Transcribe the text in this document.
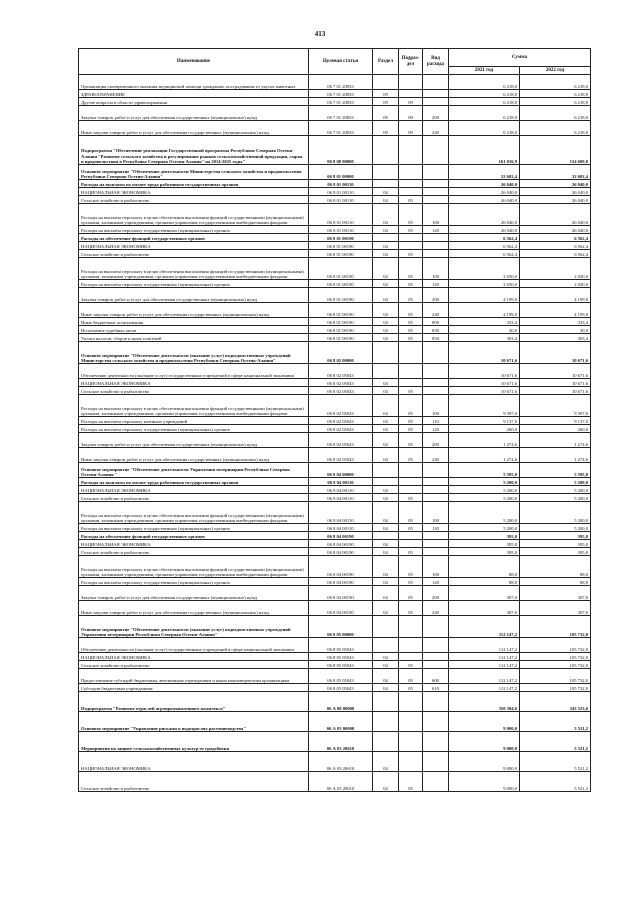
413
Наименование	Целевая статья	Раздел	Подраз-дел	Вид расхода	Сумма	
					2021 год	2022 год
Организация своевременного оказания медицинской помощи гражданам, пострадавшим от укусов животных	06 7 01 20833				6 218,0	6 218,0
ЗДРАВООХРАНЕНИЕ	06 7 01 20833	09			6 218,0	6 218,0
Другие вопросы в области здравоохранения	06 7 01 20833	09	09		6 218,0	6 218,0
Закупка товаров, работ и услуг для обеспечения государственных (муниципальных) нужд	06 7 01 20833	09	09	200	6 218,0	6 218,0
Иные закупки товаров, работ и услуг для обеспечения государственных (муниципальных) нужд	06 7 01 20833	09	09	240	6 218,0	6 218,0
Подпрограмма "Обеспечение реализации Государственной программы Республики Северная Осетия-Алания "Развитие сельского хозяйства и регулирование рынков сельскохозяйственной продукции, сырья и продовольствия в Республике Северная Осетия-Алания" на 2014-2025 годы"	06 8 00 00000				161 016,9	154 600,8
Основное мероприятие "Обеспечение деятельности Министерства сельского хозяйства и продовольствия Республики Северная Осетия-Алания"	06 8 01 00000				32 602,4	32 602,4
Расходы на выплаты по оплате труда работников государственных органов	06 8 01 00110				26 040,0	26 040,0
НАЦИОНАЛЬНАЯ ЭКОНОМИКА	06 8 01 00110	04			26 040,0	26 040,0
Сельское хозяйство и рыболовство	06 8 01 00110	04	05		26 040,0	26 040,0
Расходы на выплаты персоналу в целях обеспечения выполнения функций государственными (муниципальными) органами, казенными учреждениями, органами управления государственными внебюджетными фондами	06 8 01 00110	04	05	100	26 040,0	26 040,0
Расходы на выплаты персоналу государственных (муниципальных) органов	06 8 01 00110	04	05	120	26 040,0	26 040,0
Расходы на обеспечение функций государственных органов	06 8 01 00190				6 562,4	6 562,4
НАЦИОНАЛЬНАЯ ЭКОНОМИКА	06 8 01 00190	04			6 562,4	6 562,4
Сельское хозяйство и рыболовство	06 8 01 00190	04	05		6 562,4	6 562,4
Расходы на выплаты персоналу в целях обеспечения выполнения функций государственными (муниципальными) органами, казенными учреждениями, органами управления государственными внебюджетными фондами	06 8 01 00190	04	05	100	2 030,0	2 030,0
Расходы на выплаты персоналу государственных (муниципальных) органов	06 8 01 00190	04	05	120	2 030,0	2 030,0
Закупка товаров, работ и услуг для обеспечения государственных (муниципальных) нужд	06 8 01 00190	04	05	200	4 199,0	4 199,0
Иные закупки товаров, работ и услуг для обеспечения государственных (муниципальных) нужд	06 8 01 00190	04	05	240	4 199,0	4 199,0
Иные бюджетные ассигнования	06 8 01 00190	04	05	800	333,4	333,4
Исполнение судебных актов	06 8 01 00190	04	05	830	30,0	30,0
Уплата налогов, сборов и иных платежей	06 8 01 00190	04	05	850	303,4	303,4
Основное мероприятие "Обеспечение деятельности (оказание услуг) подведомственных учреждений Министерства сельского хозяйства и продовольствия Республики Северная Осетия-Алания"	06 8 02 00000				10 671,6	10 671,6
Обеспечение деятельности (оказание услуг) государственных учреждений в сфере национальной экономики	06 8 02 05043				10 671,6	10 671,6
НАЦИОНАЛЬНАЯ ЭКОНОМИКА	06 8 02 05043	04			10 671,6	10 671,6
Сельское хозяйство и рыболовство	06 8 02 05043	04	05		10 671,6	10 671,6
Расходы на выплаты персоналу в целях обеспечения выполнения функций государственными (муниципальными) органами, казенными учреждениями, органами управления государственными внебюджетными фондами	06 8 02 05043	04	05	100	9 397,0	9 397,0
Расходы на выплаты персоналу казенных учреждений	06 8 02 05043	04	05	110	9 137,0	9 137,0
Расходы на выплаты персоналу государственных (муниципальных) органов	06 8 02 05043	04	05	120	260,0	260,0
Закупка товаров, работ и услуг для обеспечения государственных (муниципальных) нужд	06 8 02 05043	04	05	200	1 274,6	1 274,6
Иные закупки товаров, работ и услуг для обеспечения государственных (муниципальных) нужд	06 8 02 05043	04	05	240	1 274,6	1 274,6
Основное мероприятие "Обеспечение деятельности Управления ветеринарии Республики Северная Осетия-Алания "	06 8 04 00000				5 595,0	5 595,0
Расходы на выплаты по оплате труда работников государственных органов	06 8 04 00110				5 200,0	5 200,0
НАЦИОНАЛЬНАЯ ЭКОНОМИКА	06 8 04 00110	04			5 200,0	5 200,0
Сельское хозяйство и рыболовство	06 8 04 00110	04	05		5 200,0	5 200,0
Расходы на выплаты персоналу в целях обеспечения выполнения функций государственными (муниципальными) органами, казенными учреждениями, органами управления государственными внебюджетными фондами	06 8 04 00110	04	05	100	5 200,0	5 200,0
Расходы на выплаты персоналу государственных (муниципальных) органов	06 8 04 00110	04	05	120	5 200,0	5 200,0
Расходы на обеспечение функций государственных органов	06 8 04 00190				395,0	395,0
НАЦИОНАЛЬНАЯ ЭКОНОМИКА	06 8 04 00190	04			395,0	395,0
Сельское хозяйство и рыболовство	06 8 04 00190	04	05		395,0	395,0
Расходы на выплаты персоналу в целях обеспечения выполнения функций государственными (муниципальными) органами, казенными учреждениями, органами управления государственными внебюджетными фондами	06 8 04 00190	04	05	100	88,0	88,0
Расходы на выплаты персоналу государственных (муниципальных) органов	06 8 04 00190	04	05	120	88,0	88,0
Закупка товаров, работ и услуг для обеспечения государственных (муниципальных) нужд	06 8 04 00190	04	05	200	307,0	307,0
Иные закупки товаров, работ и услуг для обеспечения государственных (муниципальных) нужд	06 8 04 00190	04	05	240	307,0	307,0
Основное мероприятие "Обеспечение деятельности (оказание услуг) подведомственных учреждений Управления ветеринарии Республики Северная Осетия-Алания"	06 8 05 00000				112 147,2	105 732,0
Обеспечение деятельности (оказание услуг) государственных учреждений в сфере национальной экономики	06 8 05 05043				112 147,2	105 732,0
НАЦИОНАЛЬНАЯ ЭКОНОМИКА	06 8 05 05043	04			112 147,2	105 732,0
Сельское хозяйство и рыболовство	06 8 05 05043	04	05		112 147,2	105 732,0
Предоставление субсидий бюджетным, автономным учреждениям и иным некоммерческим организациям	06 8 05 05043	04	05	600	112 147,2	105 732,0
Субсидии бюджетным учреждениям	06 8 05 05043	04	05	610	112 147,2	105 732,0
Подпрограмма "Развитие отраслей агропромышленного комплекса"	06 А 00 00000				350 394,6	343 523,6
Основное мероприятие "Управление рисками в подотраслях растениеводства"	06 А 03 00000				9 000,0	5 521,2
Мероприятия по защите сельскохозяйственных культур от градобития	06 А 03 20610				9 000,0	5 521,2
НАЦИОНАЛЬНАЯ ЭКОНОМИКА	06 А 03 20610	04			9 000,0	5 521,2
Сельское хозяйство и рыболовство	06 А 03 20610	04	05		9 000,0	5 521,2
